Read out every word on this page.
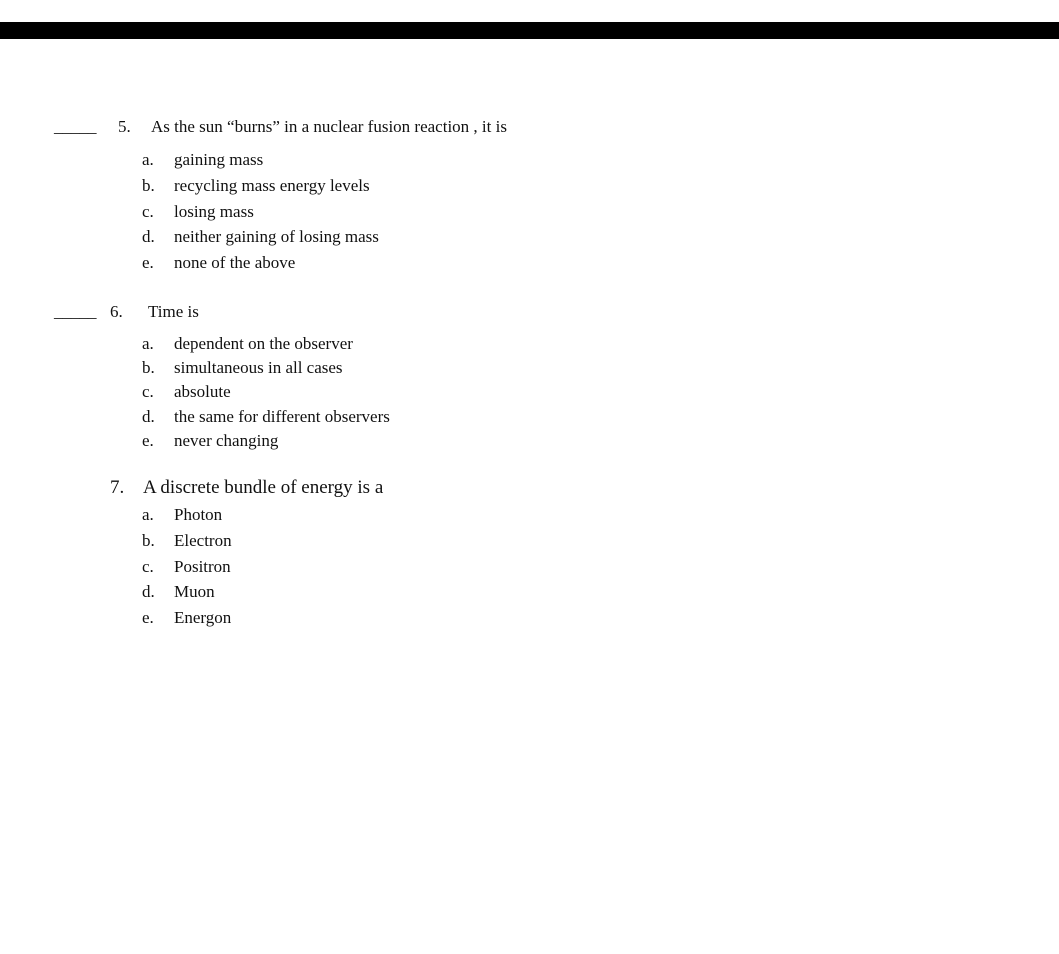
_____ 5. As the sun “burns” in a nuclear fusion reaction , it is
a. gaining mass
b. recycling mass energy levels
c. losing mass
d. neither gaining of losing mass
e. none of the above
_____ 6. Time is
a. dependent on the observer
b. simultaneous in all cases
c. absolute
d. the same for different observers
e. never changing
7. A discrete bundle of energy is a
a. Photon
b. Electron
c. Positron
d. Muon
e. Energon
